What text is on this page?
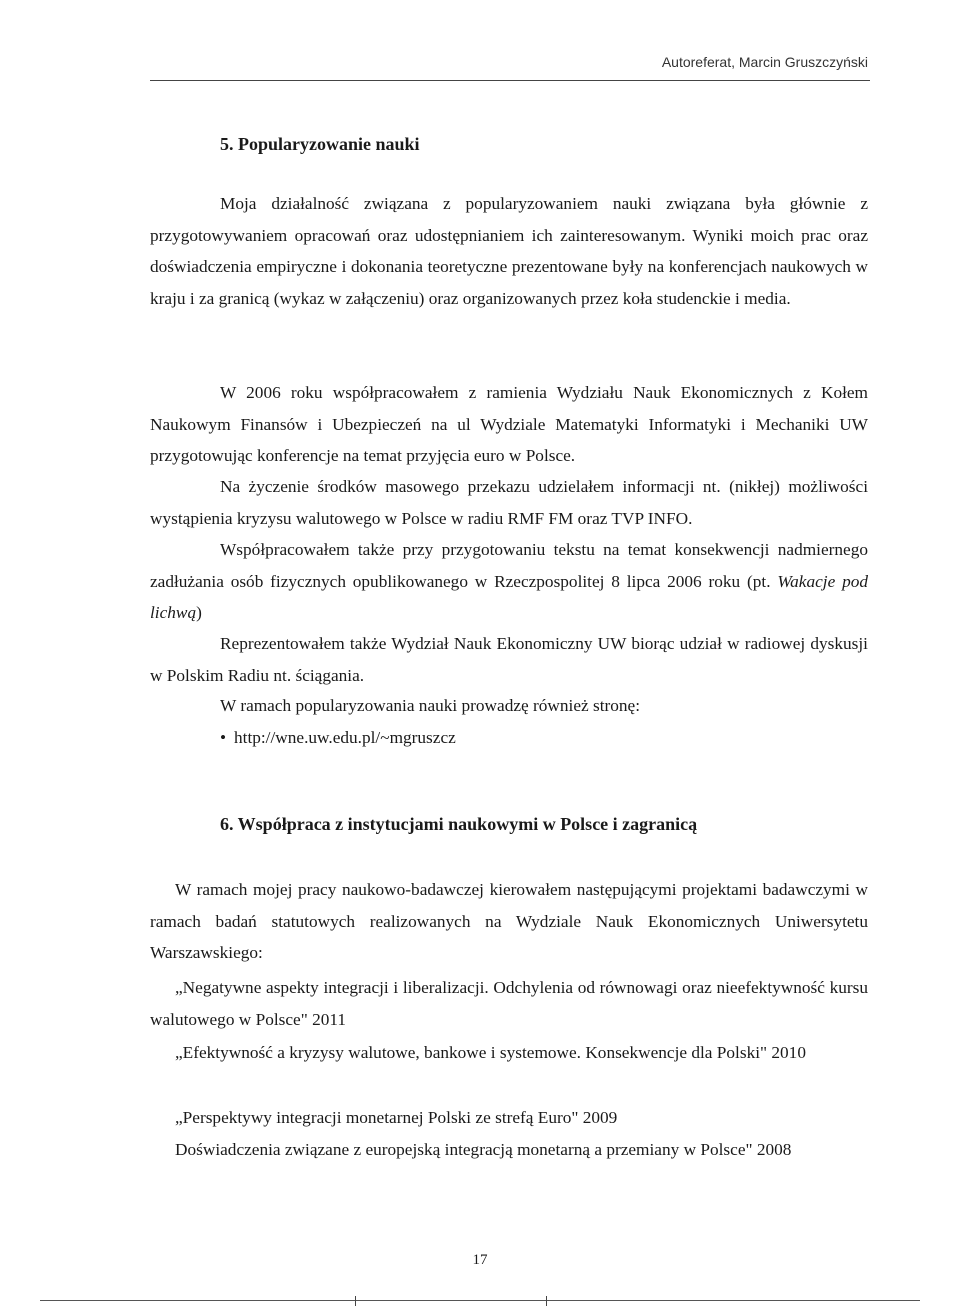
Autoreferat, Marcin Gruszczyński
5. Popularyzowanie nauki

Moja działalność związana z popularyzowaniem nauki związana była głównie z przygotowywaniem opracowań oraz udostępnianiem ich zainteresowanym. Wyniki moich prac oraz doświadczenia empiryczne i dokonania teoretyczne prezentowane były na konferencjach naukowych w kraju i za granicą (wykaz w załączeniu) oraz organizowanych przez koła studenckie i media.

W 2006 roku współpracowałem z ramienia Wydziału Nauk Ekonomicznych z Kołem Naukowym Finansów i Ubezpieczeń na ul Wydziale Matematyki Informatyki i Mechaniki UW przygotowując konferencje na temat przyjęcia euro w Polsce.

Na życzenie środków masowego przekazu udzielałem informacji nt. (nikłej) możliwości wystąpienia kryzysu walutowego w Polsce w radiu RMF FM oraz TVP INFO.

Współpracowałem także przy przygotowaniu tekstu na temat konsekwencji nadmiernego zadłużania osób fizycznych opublikowanego w Rzeczpospolitej 8 lipca 2006 roku (pt. Wakacje pod lichwą)

Reprezentowałem także Wydział Nauk Ekonomiczny UW biorąc udział w radiowej dyskusji w Polskim Radiu nt. ściągania.

W ramach popularyzowania nauki prowadzę również stronę:
• http://wne.uw.edu.pl/~mgruszcz
6. Współpraca z instytucjami naukowymi w Polsce i zagranicą

W ramach mojej pracy naukowo-badawczej kierowałem następującymi projektami badawczymi w ramach badań statutowych realizowanych na Wydziale Nauk Ekonomicznych Uniwersytetu Warszawskiego:

„Negatywne aspekty integracji i liberalizacji. Odchylenia od równowagi oraz nieefektywność kursu walutowego w Polsce" 2011

„Efektywność a kryzysy walutowe, bankowe i systemowe. Konsekwencje dla Polski" 2010

„Perspektywy integracji monetarnej Polski ze strefą Euro" 2009
Doświadczenia związane z europejską integracją monetarną a przemiany w Polsce" 2008
17
